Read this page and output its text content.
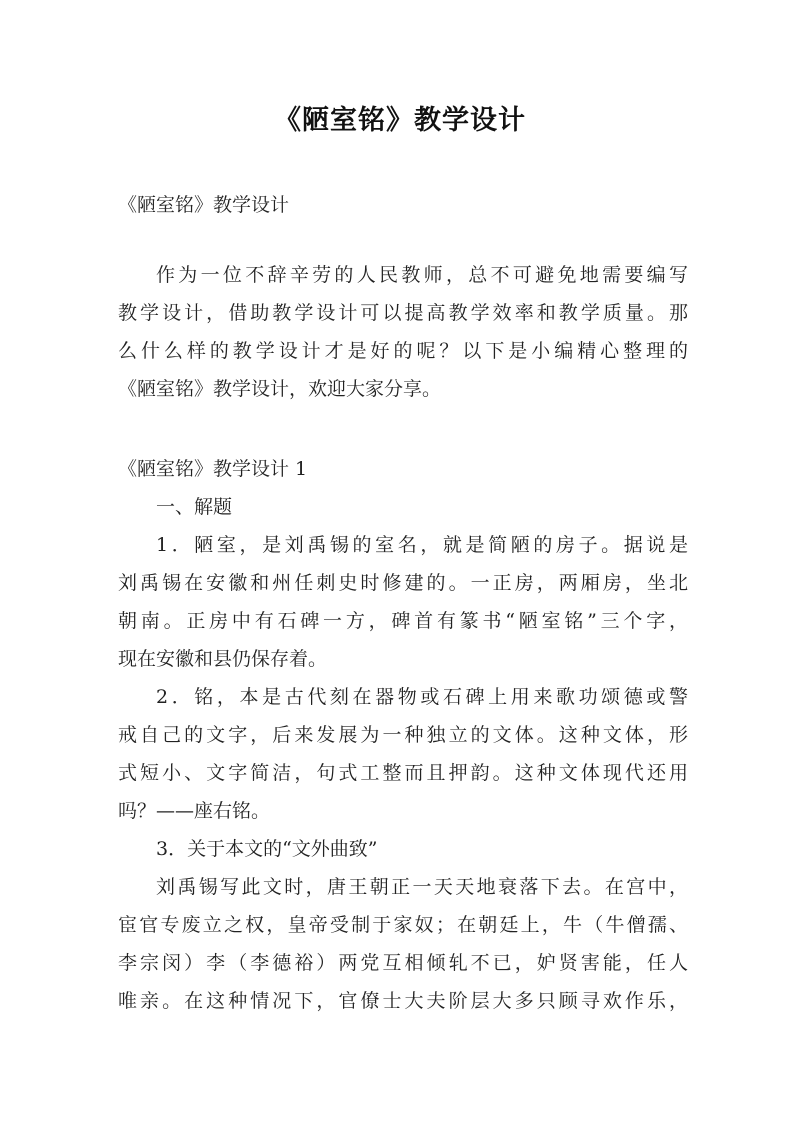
《陋室铭》教学设计
《陋室铭》教学设计
作为一位不辞辛劳的人民教师，总不可避免地需要编写
教学设计，借助教学设计可以提高教学效率和教学质量。那
么什么样的教学设计才是好的呢？以下是小编精心整理的
《陋室铭》教学设计，欢迎大家分享。
《陋室铭》教学设计 1
一、解题
1．陋室，是刘禹锡的室名，就是简陋的房子。据说是
刘禹锡在安徽和州任刺史时修建的。一正房，两厢房，坐北
朝南。正房中有石碑一方，碑首有篆书“陋室铭”三个字，
现在安徽和县仍保存着。
2．铭，本是古代刻在器物或石碑上用来歌功颂德或警
戒自己的文字，后来发展为一种独立的文体。这种文体，形
式短小、文字简洁，句式工整而且押韵。这种文体现代还用
吗？——座右铭。
3．关于本文的“文外曲致”
刘禹锡写此文时，唐王朝正一天天地衰落下去。在宫中，
宦官专废立之权，皇帝受制于家奴；在朝廷上，牛（牛僧孺、
李宗闵）李（李德裕）两党互相倾轧不已，妒贤害能，任人
唯亲。在这种情况下，官僚士大夫阶层大多只顾寻欢作乐，
